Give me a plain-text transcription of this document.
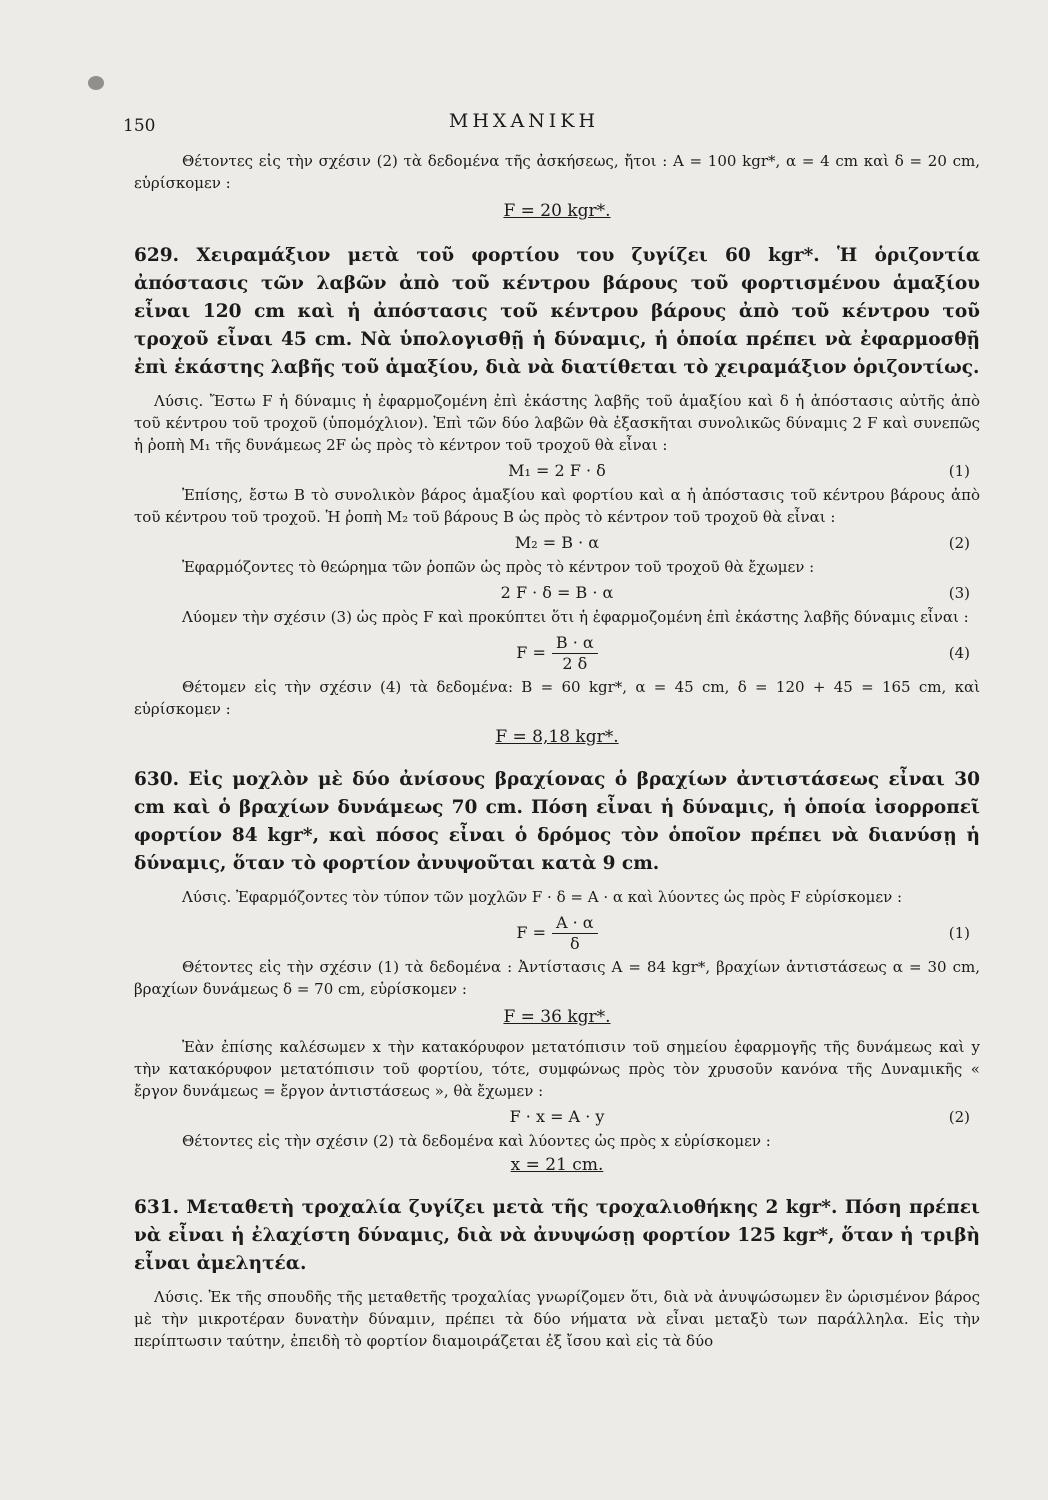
150	ΜΗΧΑΝΙΚΗ

Θέτοντες εἰς τὴν σχέσιν (2) τὰ δεδομένα τῆς ἀσκήσεως, ἤτοι : Α = 100 kgr*, α = 4 cm καὶ δ = 20 cm, εὑρίσκομεν :

F = 20 kgr*.

629. Χειραμάξιον μετὰ τοῦ φορτίου του ζυγίζει 60 kgr*. Ἡ ὁριζοντία ἀπόστασις τῶν λαβῶν ἀπὸ τοῦ κέντρου βάρους τοῦ φορτισμένου ἁμαξίου εἶναι 120 cm καὶ ἡ ἀπόστασις τοῦ κέντρου βάρους ἀπὸ τοῦ κέντρου τοῦ τροχοῦ εἶναι 45 cm. Νὰ ὑπολογισθῇ ἡ δύναμις, ἡ ὁποία πρέπει νὰ ἐφαρμοσθῇ ἐπὶ ἑκάστης λαβῆς τοῦ ἁμαξίου, διὰ νὰ διατίθεται τὸ χειραμάξιον ὁριζοντίως.

Λύσις. Ἔστω F ἡ δύναμις ἡ ἐφαρμοζομένη ἐπὶ ἑκάστης λαβῆς τοῦ ἁμαξίου καὶ δ ἡ ἀπόστασις αὐτῆς ἀπὸ τοῦ κέντρου τοῦ τροχοῦ (ὑπομόχλιον). Ἐπὶ τῶν δύο λαβῶν θὰ ἐξασκῆται συνολικῶς δύναμις 2 F καὶ συνεπῶς ἡ ῥοπὴ M₁ τῆς δυνάμεως 2F ὡς πρὸς τὸ κέντρον τοῦ τροχοῦ θὰ εἶναι :

M₁ = 2 F · δ	(1)

Ἐπίσης, ἔστω Β τὸ συνολικὸν βάρος ἁμαξίου καὶ φορτίου καὶ α ἡ ἀπόστασις τοῦ κέντρου βάρους ἀπὸ τοῦ κέντρου τοῦ τροχοῦ. Ἡ ῥοπὴ M₂ τοῦ βάρους Β ὡς πρὸς τὸ κέντρον τοῦ τροχοῦ θὰ εἶναι :

M₂ = B · α	(2)

Ἐφαρμόζοντες τὸ θεώρημα τῶν ῥοπῶν ὡς πρὸς τὸ κέντρον τοῦ τροχοῦ θὰ ἔχωμεν :

2 F · δ = B · α	(3)

Λύομεν τὴν σχέσιν (3) ὡς πρὸς F καὶ προκύπτει ὅτι ἡ ἐφαρμοζομένη ἐπὶ ἑκάστης λαβῆς δύναμις εἶναι :

$F = \frac{B \cdot \alpha}{2 \delta}$	(4)

Θέτομεν εἰς τὴν σχέσιν (4) τὰ δεδομένα: B = 60 kgr*, α = 45 cm, δ = 120 + 45 = 165 cm, καὶ εὑρίσκομεν :

F = 8,18 kgr*.

630. Εἰς μοχλὸν μὲ δύο ἀνίσους βραχίονας ὁ βραχίων ἀντιστάσεως εἶναι 30 cm καὶ ὁ βραχίων δυνάμεως 70 cm. Πόση εἶναι ἡ δύναμις, ἡ ὁποία ἰσορροπεῖ φορτίον 84 kgr*, καὶ πόσος εἶναι ὁ δρόμος τὸν ὁποῖον πρέπει νὰ διανύσῃ ἡ δύναμις, ὅταν τὸ φορτίον ἀνυψοῦται κατὰ 9 cm.

Λύσις. Ἐφαρμόζοντες τὸν τύπον τῶν μοχλῶν F · δ = A · α καὶ λύοντες ὡς πρὸς F εὑρίσκομεν :

$F = \frac{A \cdot \alpha}{\delta}$	(1)

Θέτοντες εἰς τὴν σχέσιν (1) τὰ δεδομένα : Ἀντίστασις A = 84 kgr*, βραχίων ἀντιστάσεως α = 30 cm, βραχίων δυνάμεως δ = 70 cm, εὑρίσκομεν :

F = 36 kgr*.

Ἐὰν ἐπίσης καλέσωμεν x τὴν κατακόρυφον μετατόπισιν τοῦ σημείου ἐφαρμογῆς τῆς δυνάμεως καὶ y τὴν κατακόρυφον μετατόπισιν τοῦ φορτίου, τότε, συμφώνως πρὸς τὸν χρυσοῦν κανόνα τῆς Δυναμικῆς « ἔργον δυνάμεως = ἔργον ἀντιστάσεως », θὰ ἔχωμεν :

F · x = A · y	(2)

Θέτοντες εἰς τὴν σχέσιν (2) τὰ δεδομένα καὶ λύοντες ὡς πρὸς x εὑρίσκομεν :

x = 21 cm.

631. Μεταθετὴ τροχαλία ζυγίζει μετὰ τῆς τροχαλιοθήκης 2 kgr*. Πόση πρέπει νὰ εἶναι ἡ ἐλαχίστη δύναμις, διὰ νὰ ἀνυψώσῃ φορτίον 125 kgr*, ὅταν ἡ τριβὴ εἶναι ἀμελητέα.

Λύσις. Ἐκ τῆς σπουδῆς τῆς μεταθετῆς τροχαλίας γνωρίζομεν ὅτι, διὰ νὰ ἀνυψώσωμεν ἓν ὡρισμένον βάρος μὲ τὴν μικροτέραν δυνατὴν δύναμιν, πρέπει τὰ δύο νήματα νὰ εἶναι μεταξὺ των παράλληλα. Εἰς τὴν περίπτωσιν ταύτην, ἐπειδὴ τὸ φορτίον διαμοιράζεται ἐξ ἴσου καὶ εἰς τὰ δύο
